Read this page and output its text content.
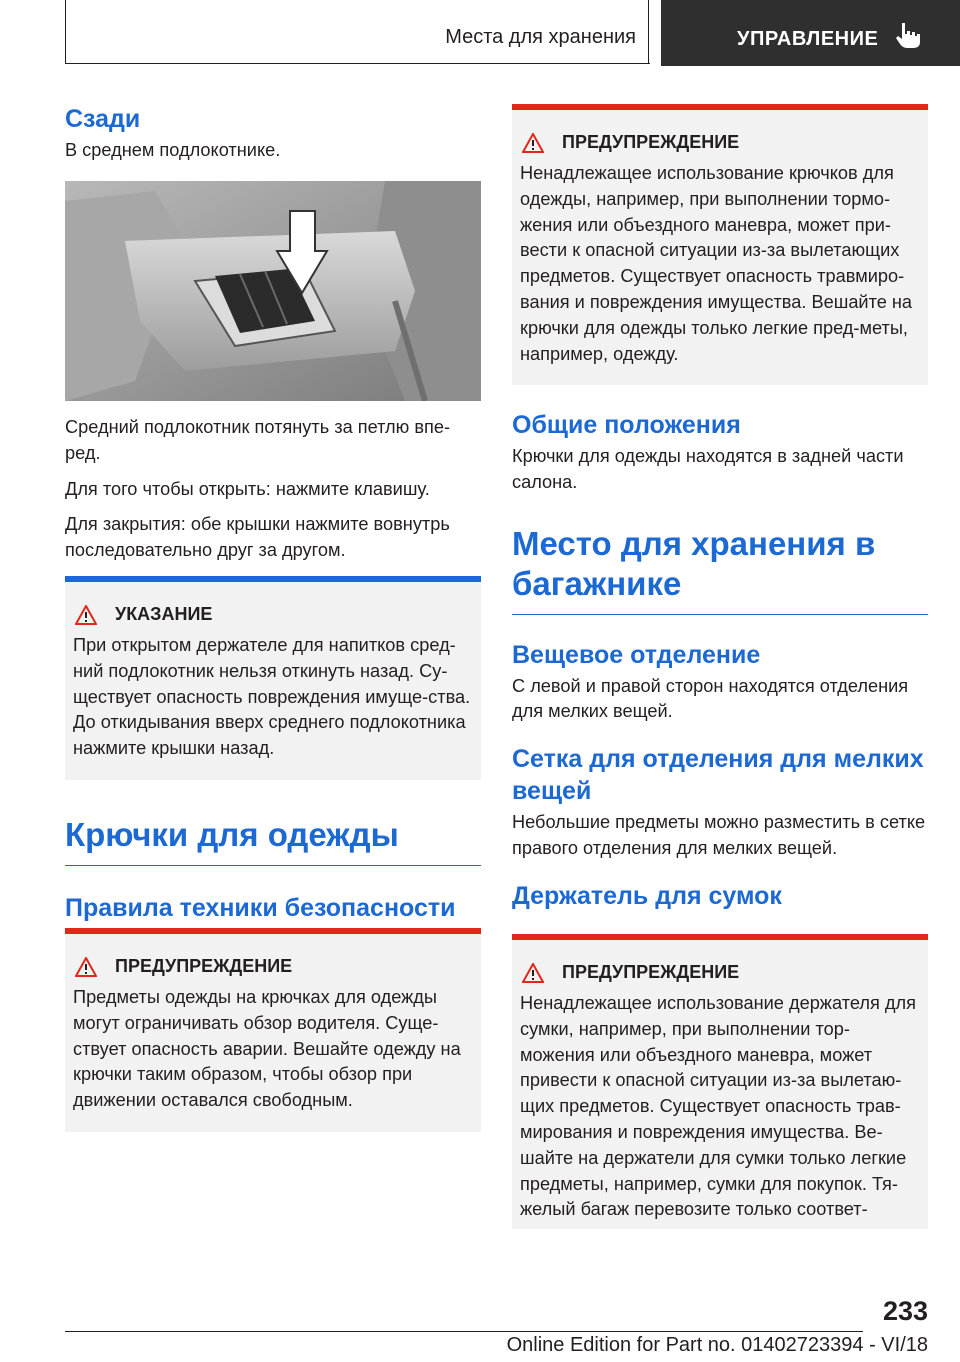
Места для хранения	УПРАВЛЕНИЕ
Сзади
В среднем подлокотнике.
Средний подлокотник потянуть за петлю впе-ред.
Для того чтобы открыть: нажмите клавишу.
Для закрытия: обе крышки нажмите вовнутрь последовательно друг за другом.
УКАЗАНИЕ
При открытом держателе для напитков сред-ний подлокотник нельзя откинуть назад. Су-ществует опасность повреждения имуще-ства. До откидывания вверх среднего подлокотника нажмите крышки назад.
Крючки для одежды
Правила техники безопасности
ПРЕДУПРЕЖДЕНИЕ
Предметы одежды на крючках для одежды могут ограничивать обзор водителя. Суще-ствует опасность аварии. Вешайте одежду на крючки таким образом, чтобы обзор при движении оставался свободным.
ПРЕДУПРЕЖДЕНИЕ
Ненадлежащее использование крючков для одежды, например, при выполнении тормо-жения или объездного маневра, может при-вести к опасной ситуации из-за вылетающих предметов. Существует опасность травмиро-вания и повреждения имущества. Вешайте на крючки для одежды только легкие пред-меты, например, одежду.
Общие положения
Крючки для одежды находятся в задней части салона.
Место для хранения в багажнике
Вещевое отделение
С левой и правой сторон находятся отделения для мелких вещей.
Сетка для отделения для мелких вещей
Небольшие предметы можно разместить в сетке правого отделения для мелких вещей.
Держатель для сумок
ПРЕДУПРЕЖДЕНИЕ
Ненадлежащее использование держателя для сумки, например, при выполнении тор-можения или объездного маневра, может привести к опасной ситуации из-за вылетаю-щих предметов. Существует опасность трав-мирования и повреждения имущества. Ве-шайте на держатели для сумки только легкие предметы, например, сумки для покупок. Тя-желый багаж перевозите только соответ-
233
Online Edition for Part no. 01402723394 - VI/18
